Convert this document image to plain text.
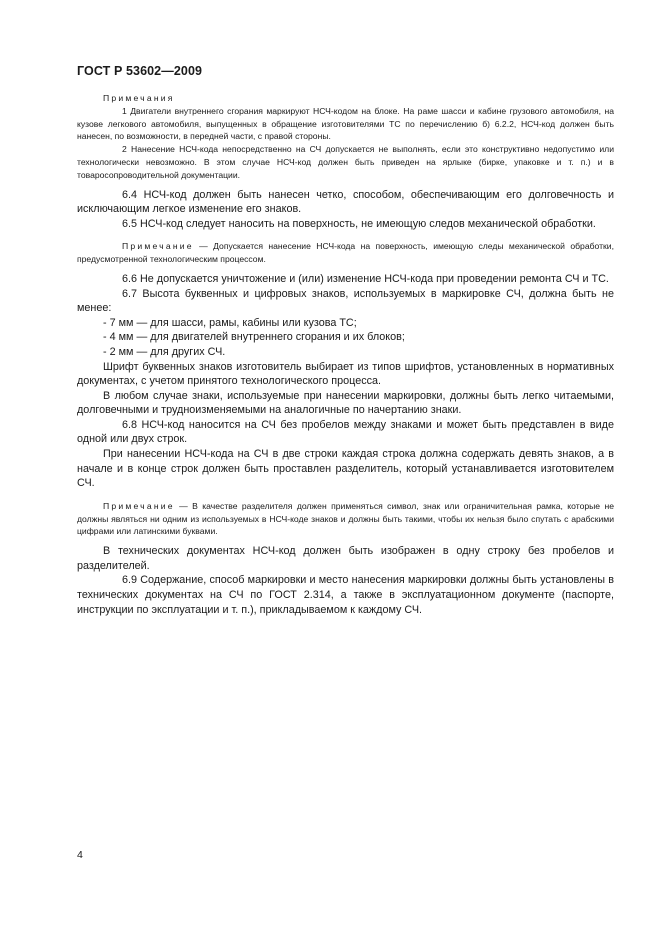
ГОСТ Р 53602—2009

Примечания

1 Двигатели внутреннего сгорания маркируют НСЧ-кодом на блоке. На раме шасси и кабине грузового автомобиля, на кузове легкового автомобиля, выпущенных в обращение изготовителями ТС по перечислению б) 6.2.2, НСЧ-код должен быть нанесен, по возможности, в передней части, с правой стороны.

2 Нанесение НСЧ-кода непосредственно на СЧ допускается не выполнять, если это конструктивно недопустимо или технологически невозможно. В этом случае НСЧ-код должен быть приведен на ярлыке (бирке, упаковке и т. п.) и в товаросопроводительной документации.

6.4 НСЧ-код должен быть нанесен четко, способом, обеспечивающим его долговечность и исключающим легкое изменение его знаков.

6.5 НСЧ-код следует наносить на поверхность, не имеющую следов механической обработки.

Примечание — Допускается нанесение НСЧ-кода на поверхность, имеющую следы механической обработки, предусмотренной технологическим процессом.

6.6 Не допускается уничтожение и (или) изменение НСЧ-кода при проведении ремонта СЧ и ТС.

6.7 Высота буквенных и цифровых знаков, используемых в маркировке СЧ, должна быть не менее:

- 7 мм — для шасси, рамы, кабины или кузова ТС;

- 4 мм — для двигателей внутреннего сгорания и их блоков;

- 2 мм — для других СЧ.

Шрифт буквенных знаков изготовитель выбирает из типов шрифтов, установленных в нормативных документах, с учетом принятого технологического процесса.

В любом случае знаки, используемые при нанесении маркировки, должны быть легко читаемыми, долговечными и трудноизменяемыми на аналогичные по начертанию знаки.

6.8 НСЧ-код наносится на СЧ без пробелов между знаками и может быть представлен в виде одной или двух строк.

При нанесении НСЧ-кода на СЧ в две строки каждая строка должна содержать девять знаков, а в начале и в конце строк должен быть проставлен разделитель, который устанавливается изготовителем СЧ.

Примечание — В качестве разделителя должен применяться символ, знак или ограничительная рамка, которые не должны являться ни одним из используемых в НСЧ-коде знаков и должны быть такими, чтобы их нельзя было спутать с арабскими цифрами или латинскими буквами.

В технических документах НСЧ-код должен быть изображен в одну строку без пробелов и разделителей.

6.9 Содержание, способ маркировки и место нанесения маркировки должны быть установлены в технических документах на СЧ по ГОСТ 2.314, а также в эксплуатационном документе (паспорте, инструкции по эксплуатации и т. п.), прикладываемом к каждому СЧ.

4
